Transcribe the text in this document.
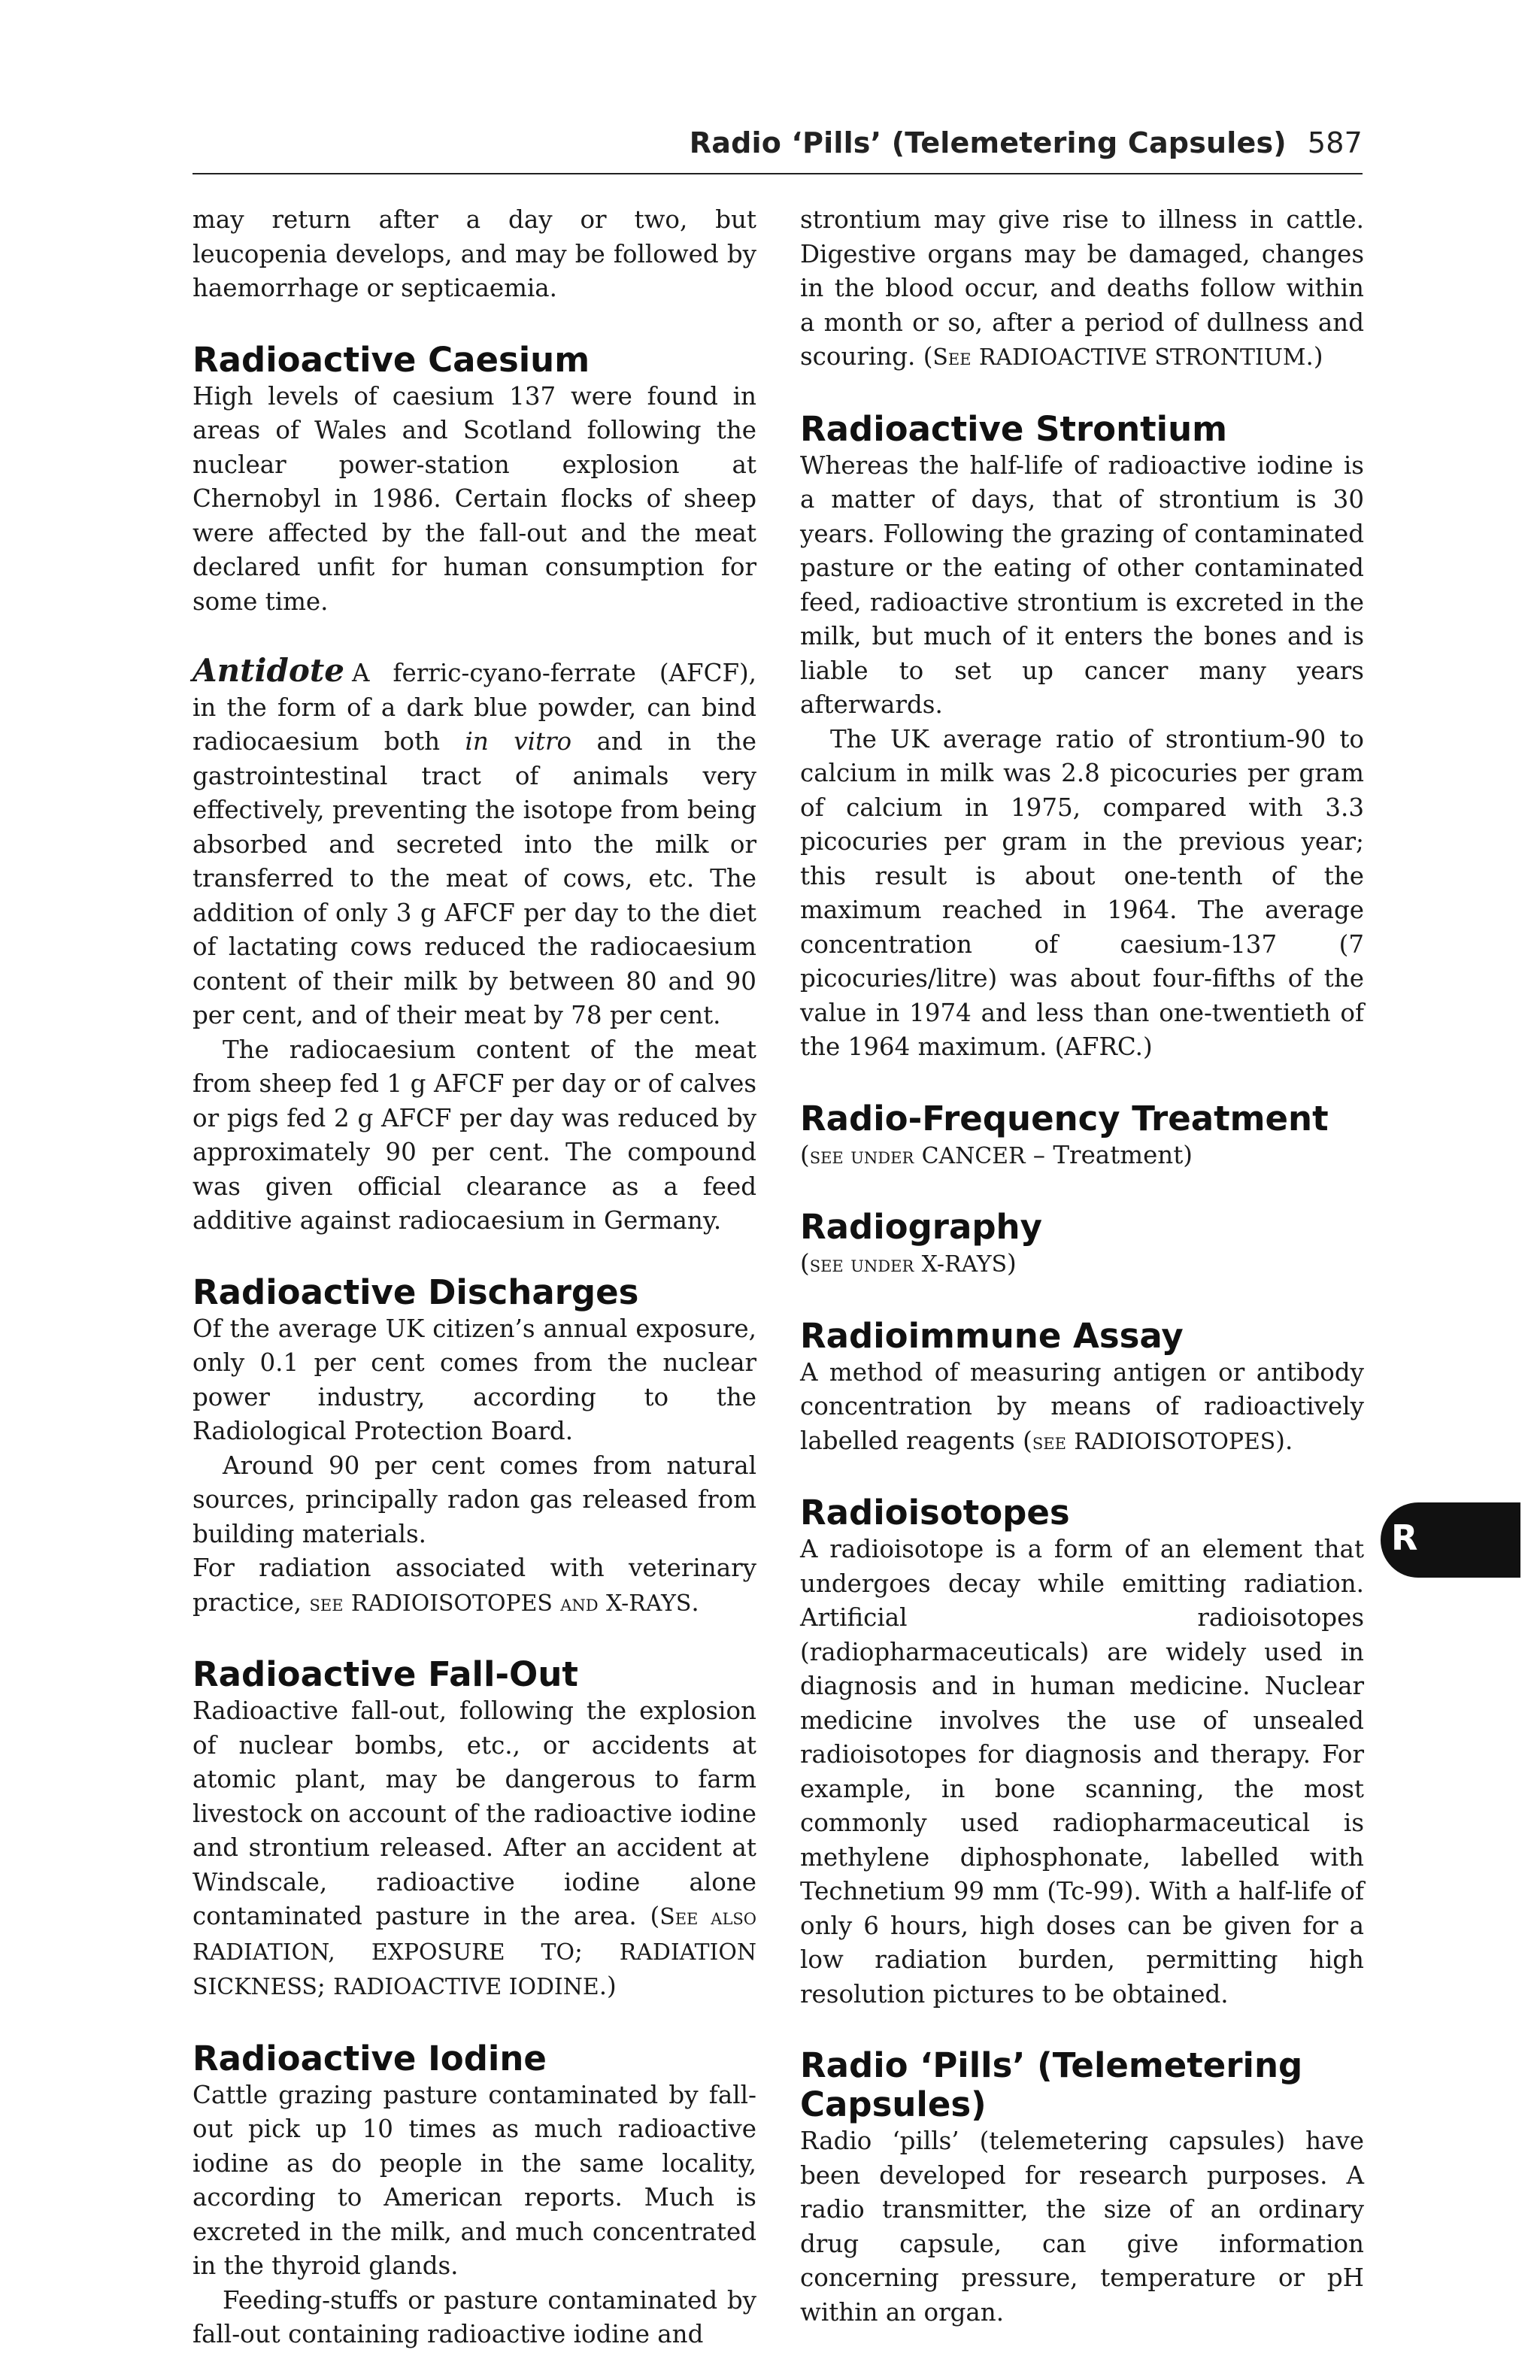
Radio ‘Pills’ (Telemetering Capsules) 587
R

may return after a day or two, but leucopenia develops, and may be followed by haemorrhage or septicaemia.

Radioactive Caesium

High levels of caesium 137 were found in areas of Wales and Scotland following the nuclear power-station explosion at Chernobyl in 1986. Certain flocks of sheep were affected by the fall-out and the meat declared unfit for human consumption for some time.

Antidote A ferric-cyano-ferrate (AFCF), in the form of a dark blue powder, can bind radiocaesium both in vitro and in the gastrointestinal tract of animals very effectively, preventing the isotope from being absorbed and secreted into the milk or transferred to the meat of cows, etc. The addition of only 3 g AFCF per day to the diet of lactating cows reduced the radiocaesium content of their milk by between 80 and 90 per cent, and of their meat by 78 per cent.

The radiocaesium content of the meat from sheep fed 1 g AFCF per day or of calves or pigs fed 2 g AFCF per day was reduced by approximately 90 per cent. The compound was given official clearance as a feed additive against radiocaesium in Germany.

Radioactive Discharges

Of the average UK citizen’s annual exposure, only 0.1 per cent comes from the nuclear power industry, according to the Radiological Protection Board.

Around 90 per cent comes from natural sources, principally radon gas released from building materials.

For radiation associated with veterinary practice, see RADIOISOTOPES and X-RAYS.

Radioactive Fall-Out

Radioactive fall-out, following the explosion of nuclear bombs, etc., or accidents at atomic plant, may be dangerous to farm livestock on account of the radioactive iodine and strontium released. After an accident at Windscale, radioactive iodine alone contaminated pasture in the area. (See also RADIATION, EXPOSURE TO; RADIATION SICKNESS; RADIOACTIVE IODINE.)

Radioactive Iodine

Cattle grazing pasture contaminated by fall-out pick up 10 times as much radioactive iodine as do people in the same locality, according to American reports. Much is excreted in the milk, and much concentrated in the thyroid glands.

Feeding-stuffs or pasture contaminated by fall-out containing radioactive iodine and

strontium may give rise to illness in cattle. Digestive organs may be damaged, changes in the blood occur, and deaths follow within a month or so, after a period of dullness and scouring. (See RADIOACTIVE STRONTIUM.)

Radioactive Strontium

Whereas the half-life of radioactive iodine is a matter of days, that of strontium is 30 years. Following the grazing of contaminated pasture or the eating of other contaminated feed, radioactive strontium is excreted in the milk, but much of it enters the bones and is liable to set up cancer many years afterwards.

The UK average ratio of strontium-90 to calcium in milk was 2.8 picocuries per gram of calcium in 1975, compared with 3.3 picocuries per gram in the previous year; this result is about one-tenth of the maximum reached in 1964. The average concentration of caesium-137 (7 picocuries/litre) was about four-fifths of the value in 1974 and less than one-twentieth of the 1964 maximum. (AFRC.)

Radio-Frequency Treatment

(see under CANCER – Treatment)

Radiography

(see under X-RAYS)

Radioimmune Assay

A method of measuring antigen or antibody concentration by means of radioactively labelled reagents (see RADIOISOTOPES).

Radioisotopes

A radioisotope is a form of an element that undergoes decay while emitting radiation. Artificial radioisotopes (radiopharmaceuticals) are widely used in diagnosis and in human medicine. Nuclear medicine involves the use of unsealed radioisotopes for diagnosis and therapy. For example, in bone scanning, the most commonly used radiopharmaceutical is methylene diphosphonate, labelled with Technetium 99 mm (Tc-99). With a half-life of only 6 hours, high doses can be given for a low radiation burden, permitting high resolution pictures to be obtained.

Radio ‘Pills’ (Telemetering Capsules)

Radio ‘pills’ (telemetering capsules) have been developed for research purposes. A radio transmitter, the size of an ordinary drug capsule, can give information concerning pressure, temperature or pH within an organ.
